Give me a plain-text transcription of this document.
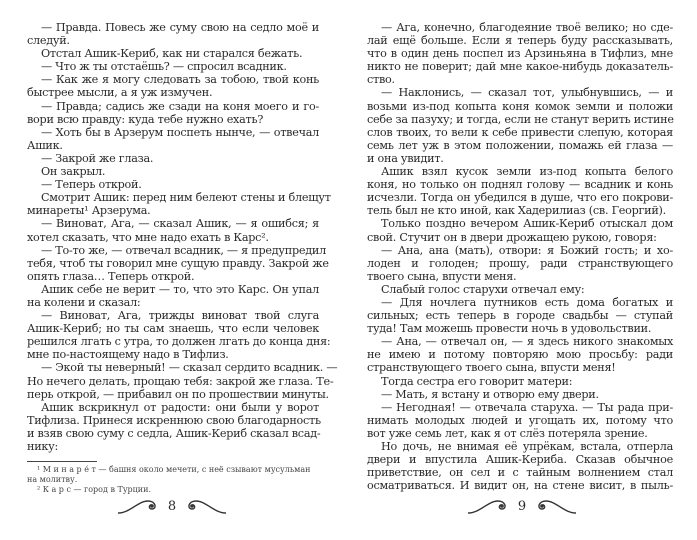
— Правда. Повесь же суму свою на седло моё и
следуй.
Отстал Ашик-Кериб, как ни старался бежать.
— Что ж ты отстаёшь? — спросил всадник.
— Как же я могу следовать за тобою, твой конь
быстрее мысли, а я уж измучен.
— Правда; садись же сзади на коня моего и го-
вори всю правду: куда тебе нужно ехать?
— Хоть бы в Арзерум поспеть нынче, — отвечал
Ашик.
— Закрой же глаза.
Он закрыл.
— Теперь открой.
Смотрит Ашик: перед ним белеют стены и блещут
минареты¹ Арзерума.
— Виноват, Ага, — сказал Ашик, — я ошибся; я
хотел сказать, что мне надо ехать в Карс².
— То-то же, — отвечал всадник, — я предупредил
тебя, чтоб ты говорил мне сущую правду. Закрой же
опять глаза… Теперь открой.
Ашик себе не верит — то, что это Карс. Он упал
на колени и сказал:
— Виноват, Ага, трижды виноват твой слуга
Ашик-Кериб; но ты сам знаешь, что если человек
решился лгать с утра, то должен лгать до конца дня:
мне по-настоящему надо в Тифлиз.
— Экой ты неверный! — сказал сердито всадник. —
Но нечего делать, прощаю тебя: закрой же глаза. Те-
перь открой, — прибавил он по прошествии минуты.
Ашик вскрикнул от радости: они были у ворот
Тифлиза. Принеся искреннюю свою благодарность
и взяв свою суму с седла, Ашик-Кериб сказал всад-
нику:
¹ М и н а р е́ т — башня около мечети, с неё сзывают мусульман
на молитву.
² К а р с — город в Турции.
— Ага, конечно, благодеяние твоё велико; но сде-
лай ещё больше. Если я теперь буду рассказывать,
что в один день поспел из Арзиньяна в Тифлиз, мне
никто не поверит; дай мне какое-нибудь доказатель-
ство.
— Наклонись, — сказал тот, улыбнувшись, — и
возьми из-под копыта коня комок земли и положи
себе за пазуху; и тогда, если не станут верить истине
слов твоих, то вели к себе привести слепую, которая
семь лет уж в этом положении, помажь ей глаза —
и она увидит.
Ашик взял кусок земли из-под копыта белого
коня, но только он поднял голову — всадник и конь
исчезли. Тогда он убедился в душе, что его покрови-
тель был не кто иной, как Хадерилиаз (св. Георгий).
Только поздно вечером Ашик-Кериб отыскал дом
свой. Стучит он в двери дрожащею рукою, говоря:
— Ана, ана (мать), отвори: я Божий гость; и хо-
лоден и голоден; прошу, ради странствующего
твоего сына, впусти меня.
Слабый голос старухи отвечал ему:
— Для ночлега путников есть дома богатых и
сильных; есть теперь в городе свадьбы — ступай
туда! Там можешь провести ночь в удовольствии.
— Ана, — отвечал он, — я здесь никого знакомых
не имею и потому повторяю мою просьбу: ради
странствующего твоего сына, впусти меня!
Тогда сестра его говорит матери:
— Мать, я встану и отворю ему двери.
— Негодная! — отвечала старуха. — Ты рада при-
нимать молодых людей и угощать их, потому что
вот уже семь лет, как я от слёз потеряла зрение.
Но дочь, не внимая её упрёкам, встала, отперла
двери и впустила Ашик-Кериба. Сказав обычное
приветствие, он сел и с тайным волнением стал
осматриваться. И видит он, на стене висит, в пыль-
8	9
